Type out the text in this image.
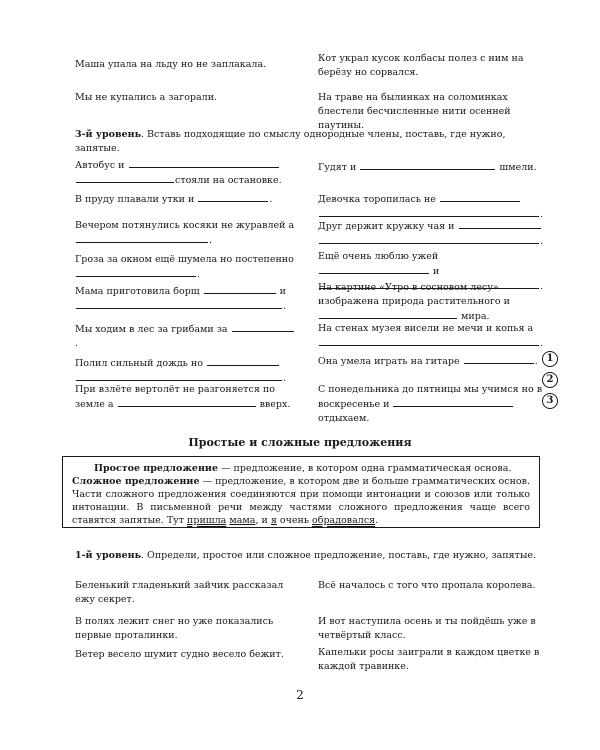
Маша упала на льду но не заплакала.
Мы не купались а загорали.
Кот украл кусок колбасы полез с ним на берёзу но сорвался.
На траве на былинках на соломинках блестели бесчисленные нити осенней паутины.
3-й уровень. Вставь подходящие по смыслу однородные члены, поставь, где нужно, запятые.
Автобус и
стояли на остановке.
В пруду плавали утки и	.
Вечером потянулись косяки не журавлей а .
Гроза за окном ещё шумела но постепенно .
Мама приготовила борщ	и .
Мы ходим в лес за грибами за .
Полил сильный дождь но
.
При взлёте вертолёт не разгоняется по земле а	вверх.
Гудят и	шмели.
Девочка торопилась не
.
Друг держит кружку чая и
.
Ещё очень люблю ужей  и .
На картине «Утро в сосновом лесу» изображена природа растительного и  мира.
На стенах музея висели не мечи и копья а .
Она умела играть на гитаре	.
С понедельника до пятницы мы учимся но в воскресенье и
отдыхаем.
1
2
3
Простые и сложные предложения

Простое предложение — предложение, в котором одна грамматическая основа.

Сложное предложение — предложение, в котором две и больше грамматических основ. Части сложного предложения соединяются при помощи интонации и союзов или только интонации. В письменной речи между частями сложного предложения чаще всего ставятся запятые. Тут пришла мама, и я очень обрадовался.

1-й уровень. Определи, простое или сложное предложение, поставь, где нужно, запятые.
Беленький гладенький зайчик рассказал ежу секрет.
В полях лежит снег но уже показались первые проталинки.
Ветер весело шумит судно весело бежит.
Всё началось с того что пропала королева.
И вот наступила осень и ты пойдёшь уже в четвёртый класс.
Капельки росы заиграли в каждом цветке в каждой травинке.
2
